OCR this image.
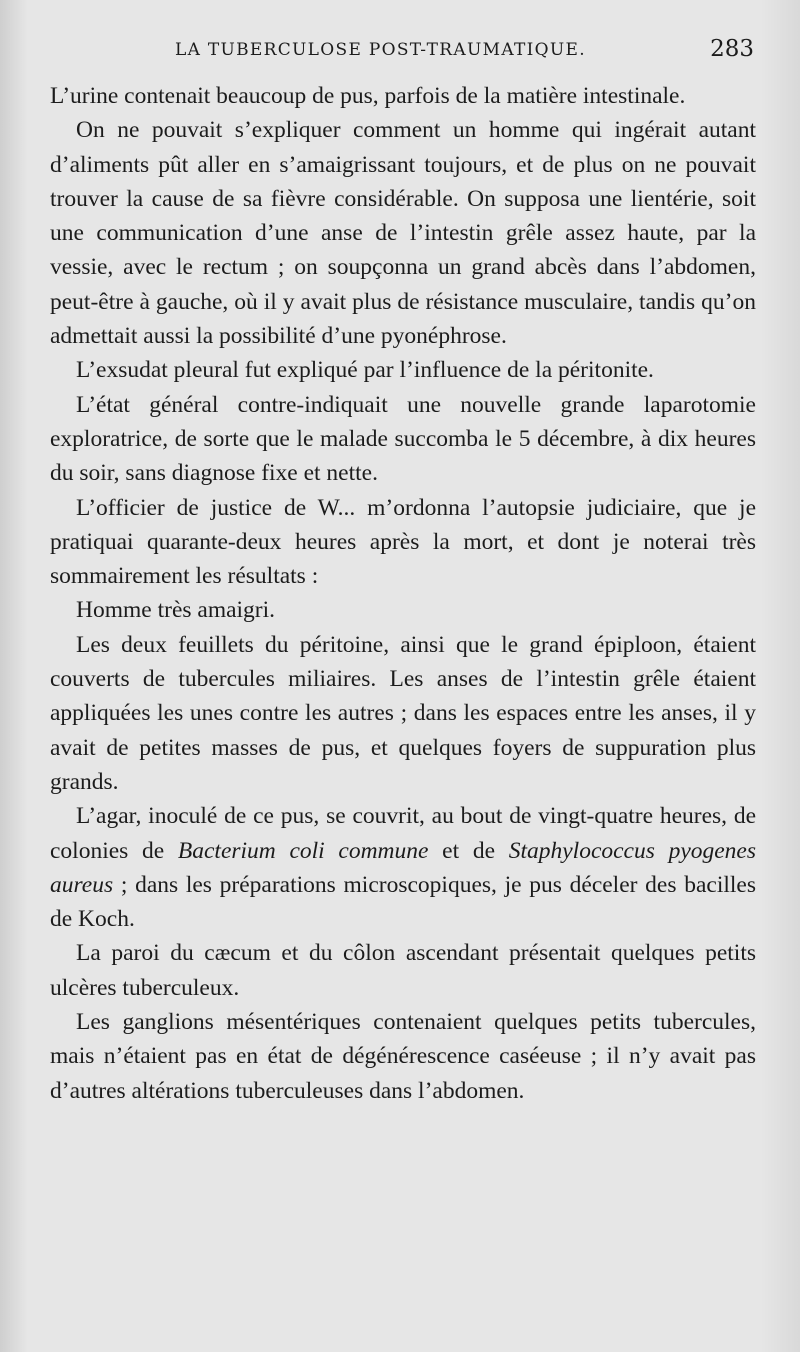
LA TUBERCULOSE POST-TRAUMATIQUE.	283

L’urine contenait beaucoup de pus, parfois de la matière intestinale.

On ne pouvait s’expliquer comment un homme qui ingérait autant d’aliments pût aller en s’amaigrissant toujours, et de plus on ne pouvait trouver la cause de sa fièvre considérable. On supposa une lientérie, soit une communication d’une anse de l’intestin grêle assez haute, par la vessie, avec le rectum ; on soupçonna un grand abcès dans l’abdomen, peut-être à gauche, où il y avait plus de résistance musculaire, tandis qu’on admettait aussi la possibilité d’une pyonéphrose.

L’exsudat pleural fut expliqué par l’influence de la péritonite.

L’état général contre-indiquait une nouvelle grande laparotomie exploratrice, de sorte que le malade succomba le 5 décembre, à dix heures du soir, sans diagnose fixe et nette.

L’officier de justice de W... m’ordonna l’autopsie judiciaire, que je pratiquai quarante-deux heures après la mort, et dont je noterai très sommairement les résultats :

Homme très amaigri.

Les deux feuillets du péritoine, ainsi que le grand épiploon, étaient couverts de tubercules miliaires. Les anses de l’intestin grêle étaient appliquées les unes contre les autres ; dans les espaces entre les anses, il y avait de petites masses de pus, et quelques foyers de suppuration plus grands.

L’agar, inoculé de ce pus, se couvrit, au bout de vingt-quatre heures, de colonies de Bacterium coli commune et de Staphylococcus pyogenes aureus ; dans les préparations microscopiques, je pus déceler des bacilles de Koch.

La paroi du cæcum et du côlon ascendant présentait quelques petits ulcères tuberculeux.

Les ganglions mésentériques contenaient quelques petits tubercules, mais n’étaient pas en état de dégénérescence caséeuse ; il n’y avait pas d’autres altérations tuberculeuses dans l’abdomen.
